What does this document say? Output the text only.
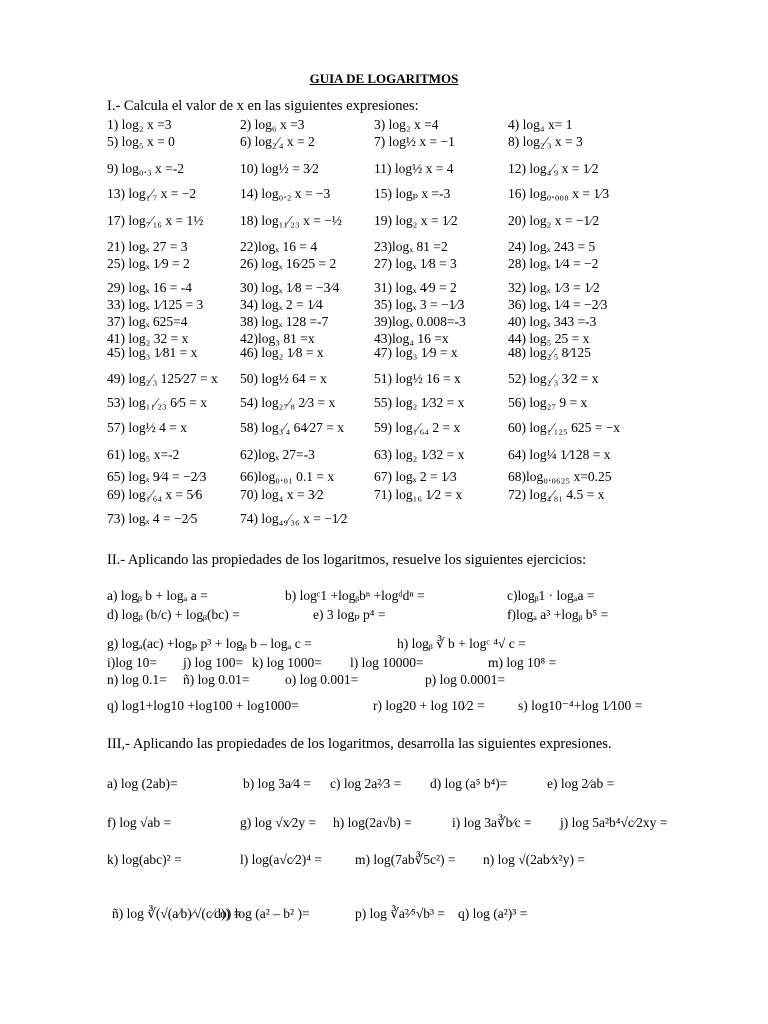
GUIA DE LOGARITMOS
I.- Calcula el valor de x en las siguientes expresiones:
1) log₂ x =3	2) log₆ x =3	3) log₂ x =4	4) log₄ x= 1
5) log₅ x = 0	6) log₂⁄₄ x = 2	7) log½ x = −1	8) log₂⁄₃ x = 3
9) log₀.₃ x =-2	10) log½ = 3⁄2	11) log½ x = 4	12) log₄⁄₉ x = 1⁄2
13) log₁⁄₇ x = −2	14) log₀.₂ x = −3	15) logₚ x =-3	16) log₀.₀₀₈ x = 1⁄3
17) log₇⁄₁₆ x = 1½	18) log₁₁⁄₂₃ x = −½ 19) log₂ x = 1⁄2	20) log₂ x = −1⁄2
21) logₓ 27 = 3	22)logₓ 16 = 4	23)logₓ 81 =2	24) logₓ 243 = 5
25) logₓ 1⁄9 = 2	26) logₓ 16⁄25 = 2	27) logₓ 1⁄8 = 3	28) logₓ 1⁄4 = −2
29) logₓ 16 = -4	30) logₓ 1⁄8 = −3⁄4	31) logₓ 4⁄9 = 2	32) logₓ 1⁄3 = 1⁄2
33) logₓ 1⁄125 = 3	34) logₓ 2 = 1⁄4	35) logₓ 3 = −1⁄3	36) logₓ 1⁄4 = −2⁄3
37) logₓ 625=4	38) logₓ 128 =-7	39)logₓ 0.008=-3	40) logₓ 343 =-3
41) log₂ 32 = x	42)log₃ 81 =x	43)log₄ 16 =x	44) log₅ 25 = x
45) log₃ 1⁄81 = x	46) log₂ 1⁄8 = x	47) log₃ 1⁄9 = x	48) log₂⁄₅ 8⁄125
49) log₂⁄₃ 125⁄27 = x 50) log½ 64 = x	51) log½ 16 = x	52) log₂⁄₃ 3⁄2 = x
53) log₁₁⁄₂₃ 6⁄5 = x 54) log₂₇⁄₈ 2⁄3 = x	55) log₂ 1⁄32 = x	56) log₂₇ 9 = x
57) log½ 4 = x	58) log₃⁄₄ 64⁄27 = x 59) log₁⁄₆₄ 2 = x	60) log₁⁄₁₂₅ 625 = −x
61) log₅ x=-2	62)logₓ 27=-3	63) log₂ 1⁄32 = x	64) log¼ 1⁄128 = x
65) logₓ 9⁄4 = −2⁄3 66)log₀.₀₁ 0.1 = x	67) logₓ 2 = 1⁄3	68)log₀.₀₆₂₅ x=0.25
69) log₁⁄₆₄ x = 5⁄6	70) log₄ x = 3⁄2	71) log₁₆ 1⁄2 = x	72) log₄⁄₈₁ 4.5 = x
73) logₓ 4 = −2⁄5	74) log₄₉⁄₃₆ x = −1⁄2
II.- Aplicando las propiedades de los logaritmos, resuelve los siguientes ejercicios:
a) logᵦ b + logₐ a =	b) logᶜ1 +logᵦbⁿ +logᵈdⁿ =	c)logᵦ1 · logₐa =
d) logᵦ (b/c) + logᵦ(bc) =	e) 3 logₚ p⁴ =	f)logₐ a³ +logᵦ b⁵ =
g) logₐ(ac) +logₚ p³ + logᵦ b – logₐ c =	h) logᵦ ∛ b + logᶜ ⁴√ c =
i)log 10= j) log 100= k) log 1000= l) log 10000=	m) log 10⁸ =
n) log 0.1= ñ) log 0.01=	o) log 0.001=	p) log 0.0001=
q) log1+log10 +log100 + log1000=	r) log20 + log 10⁄2 = s) log10⁻⁴+log 1⁄100 =
III,- Aplicando las propiedades de los logaritmos, desarrolla las siguientes expresiones.
a) log (2ab)=	b) log 3a⁄4 = c) log 2a²⁄3 = d) log (a⁵ b⁴)=	e) log 2⁄ab =
f) log √ab =	g) log √x⁄2y = h) log(2a√b) =	i) log 3a∛b⁄c = j) log 5a²b⁴√c⁄2xy =
k) log(abc)² =	l) log(a√c⁄2)⁴ = m) log(7ab∛5c²) = n) log √(2ab⁄x²y) =
ñ) log ∛(√(a⁄b)⁄√(c⁄d)) =
o) log (a² – b² )=	p) log ∛a²⁄⁵√b³ = q) log (a²)³ =
